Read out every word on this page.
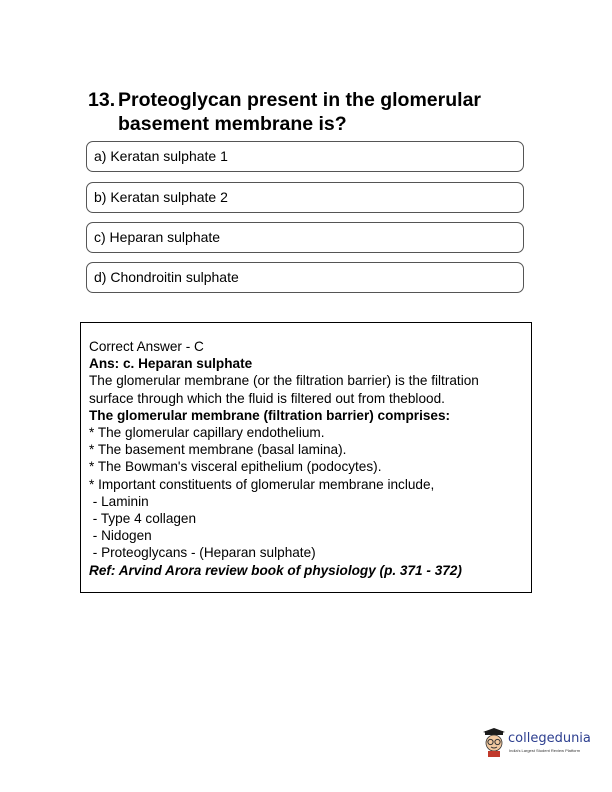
13. Proteoglycan present in the glomerular
basement membrane is?
a) Keratan sulphate 1
b) Keratan sulphate 2
c) Heparan sulphate
d) Chondroitin sulphate
Correct Answer - C
Ans: c. Heparan sulphate
The glomerular membrane (or the filtration barrier) is the filtration
surface through which the fluid is filtered out from theblood.
The glomerular membrane (filtration barrier) comprises:
* The glomerular capillary endothelium.
* The basement membrane (basal lamina).
* The Bowman's visceral epithelium (podocytes).
* Important constituents of glomerular membrane include,
- Laminin
- Type 4 collagen
- Nidogen
- Proteoglycans - (Heparan sulphate)
Ref: Arvind Arora review book of physiology (p. 371 - 372)
collegedunia
India's Largest Student Review Platform
